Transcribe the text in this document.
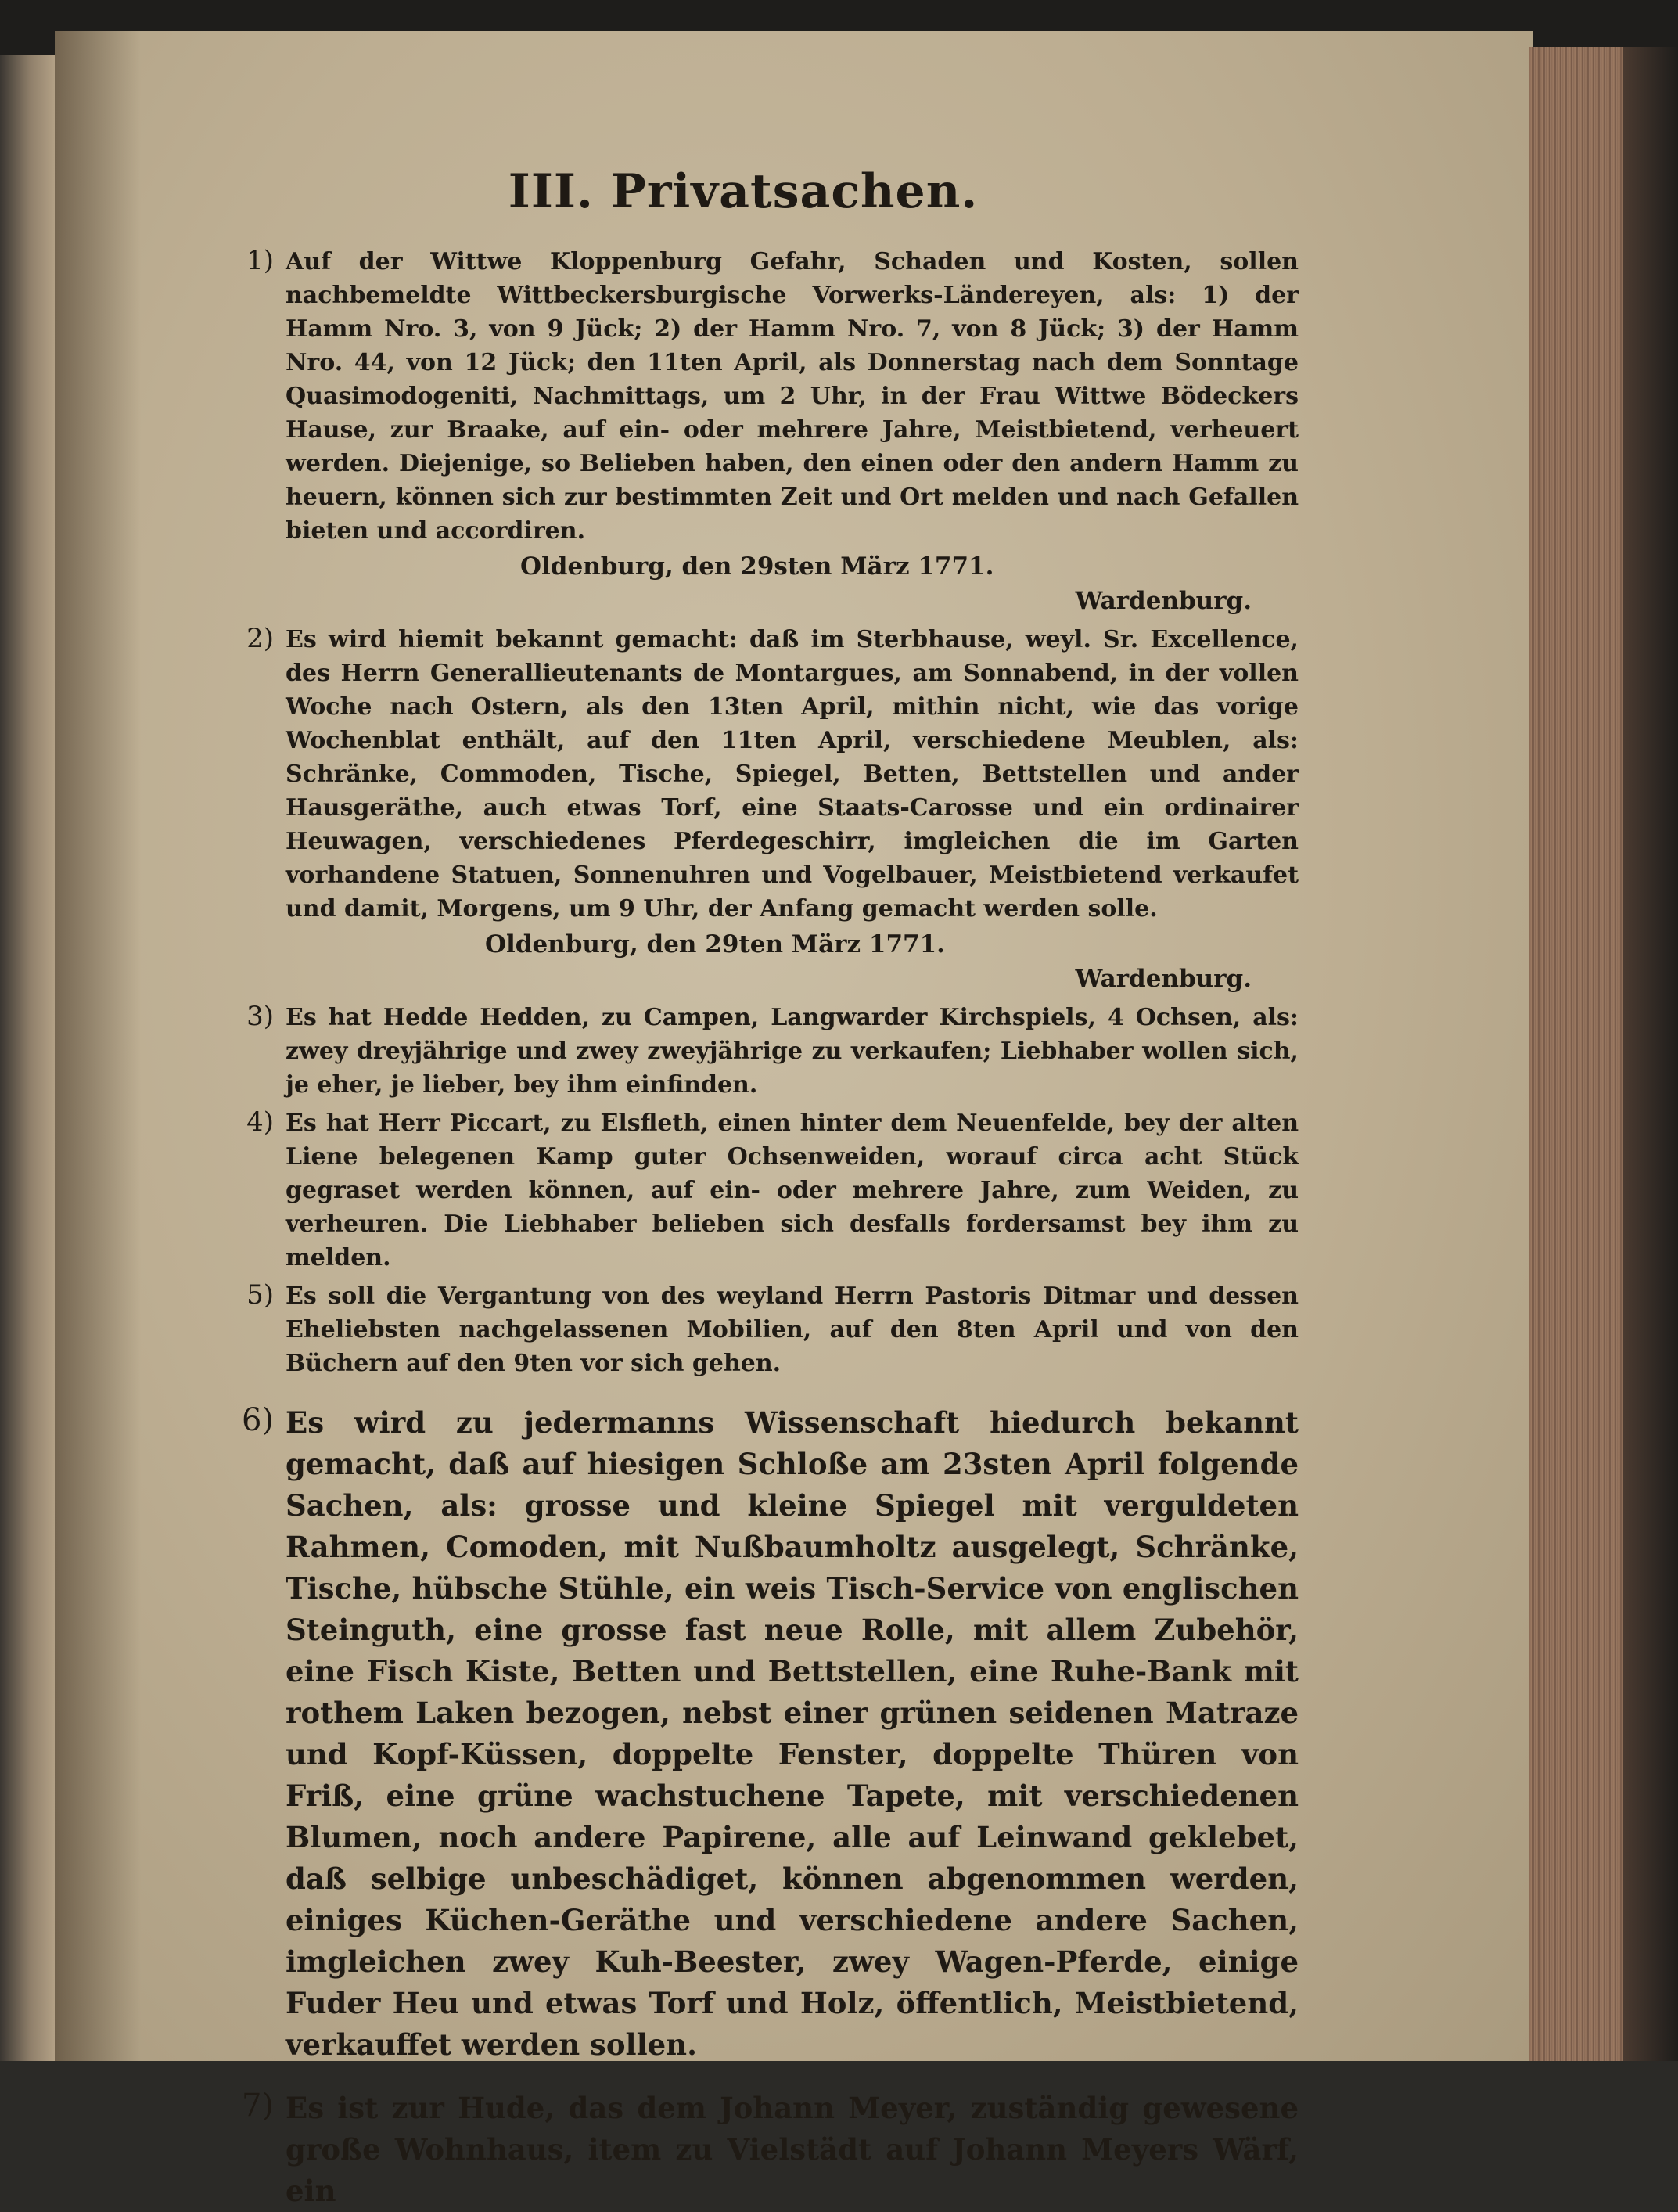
III. Privatsachen.
1) Auf der Wittwe Kloppenburg Gefahr, Schaden und Kosten, sollen nachbemeldte Wittbeckersburgische Vorwerks-Ländereyen, als: 1) der Hamm Nro. 3, von 9 Jück; 2) der Hamm Nro. 7, von 8 Jück; 3) der Hamm Nro. 44, von 12 Jück; den 11ten April, als Donnerstag nach dem Sonntage Quasimodogeniti, Nachmittags, um 2 Uhr, in der Frau Wittwe Bödeckers Hause, zur Braake, auf ein- oder mehrere Jahre, Meistbietend, verheuert werden. Diejenige, so Belieben haben, den einen oder den andern Hamm zu heuern, können sich zur bestimmten Zeit und Ort melden und nach Gefallen bieten und accordiren.
Oldenburg, den 29sten März 1771.
Wardenburg.
2) Es wird hiemit bekannt gemacht: daß im Sterbhause, weyl. Sr. Excellence, des Herrn Generallieutenants de Montargues, am Sonnabend, in der vollen Woche nach Ostern, als den 13ten April, mithin nicht, wie das vorige Wochenblat enthält, auf den 11ten April, verschiedene Meublen, als: Schränke, Commoden, Tische, Spiegel, Betten, Bettstellen und ander Hausgeräthe, auch etwas Torf, eine Staats-Carosse und ein ordinairer Heuwagen, verschiedenes Pferdegeschirr, imgleichen die im Garten vorhandene Statuen, Sonnenuhren und Vogelbauer, Meistbietend verkaufet und damit, Morgens, um 9 Uhr, der Anfang gemacht werden solle.
Oldenburg, den 29ten März 1771.
Wardenburg.
3) Es hat Hedde Hedden, zu Campen, Langwarder Kirchspiels, 4 Ochsen, als: zwey dreyjährige und zwey zweyjährige zu verkaufen; Liebhaber wollen sich, je eher, je lieber, bey ihm einfinden.
4) Es hat Herr Piccart, zu Elsfleth, einen hinter dem Neuenfelde, bey der alten Liene belegenen Kamp guter Ochsenweiden, worauf circa acht Stück gegraset werden können, auf ein- oder mehrere Jahre, zum Weiden, zu verheuren. Die Liebhaber belieben sich desfalls fordersamst bey ihm zu melden.
5) Es soll die Vergantung von des weyland Herrn Pastoris Ditmar und dessen Eheliebsten nachgelassenen Mobilien, auf den 8ten April und von den Büchern auf den 9ten vor sich gehen.
6) Es wird zu jedermanns Wissenschaft hiedurch bekannt gemacht, daß auf hiesigen Schloße am 23sten April folgende Sachen, als: grosse und kleine Spiegel mit verguldeten Rahmen, Comoden, mit Nußbaumholtz ausgelegt, Schränke, Tische, hübsche Stühle, ein weis Tisch-Service von englischen Steinguth, eine grosse fast neue Rolle, mit allem Zubehör, eine Fisch Kiste, Betten und Bettstellen, eine Ruhe-Bank mit rothem Laken bezogen, nebst einer grünen seidenen Matraze und Kopf-Küssen, doppelte Fenster, doppelte Thüren von Friß, eine grüne wachstuchene Tapete, mit verschiedenen Blumen, noch andere Papirene, alle auf Leinwand geklebet, daß selbige unbeschädiget, können abgenommen werden, einiges Küchen-Geräthe und verschiedene andere Sachen, imgleichen zwey Kuh-Beester, zwey Wagen-Pferde, einige Fuder Heu und etwas Torf und Holz, öffentlich, Meistbietend, verkauffet werden sollen.
7) Es ist zur Hude, das dem Johann Meyer, zuständig gewesene große Wohnhaus, item zu Vielstädt auf Johann Meyers Wärf, ein
